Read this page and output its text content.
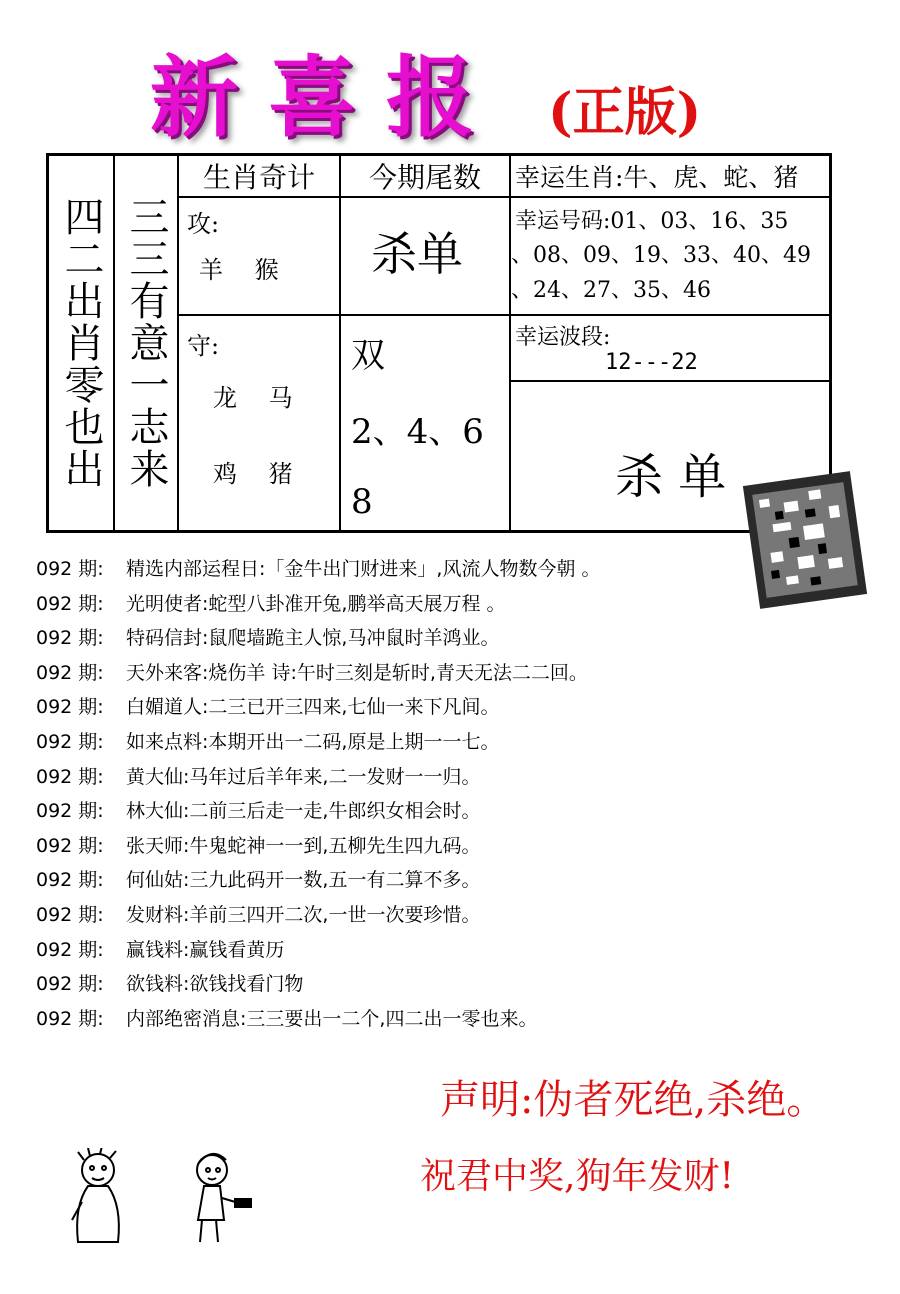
新喜报 (正版)
四二出肖零也出 三三有意一志来
生肖奇计	今期尾数	幸运生肖:牛、虎、蛇、猪
攻:
羊　 猴 杀单
幸运号码:01、03、16、35
、08、09、19、33、40、49
、24、27、35、46
守:
龙　 马
鸡　 猪
双
2、4、6
8
幸运波段:
12---22
杀 单
092 期: 精选内部运程日:「金牛出门财进来」,风流人物数今朝 。
092 期: 光明使者:蛇型八卦准开兔,鹏举高天展万程 。
092 期: 特码信封:鼠爬墙跪主人惊,马冲鼠时羊鸿业。
092 期: 天外来客:烧伤羊 诗:午时三刻是斩时,青天无法二二回。
092 期: 白媚道人:二三已开三四来,七仙一来下凡间。
092 期: 如来点料:本期开出一二码,原是上期一一七。
092 期: 黄大仙:马年过后羊年来,二一发财一一归。
092 期: 林大仙:二前三后走一走,牛郎织女相会时。
092 期: 张天师:牛鬼蛇神一一到,五柳先生四九码。
092 期: 何仙姑:三九此码开一数,五一有二算不多。
092 期: 发财料:羊前三四开二次,一世一次要珍惜。
092 期: 赢钱料:赢钱看黄历
092 期: 欲钱料:欲钱找看门物
092 期: 内部绝密消息:三三要出一二个,四二出一零也来。
声明:伪者死绝,杀绝。
祝君中奖,狗年发财!
